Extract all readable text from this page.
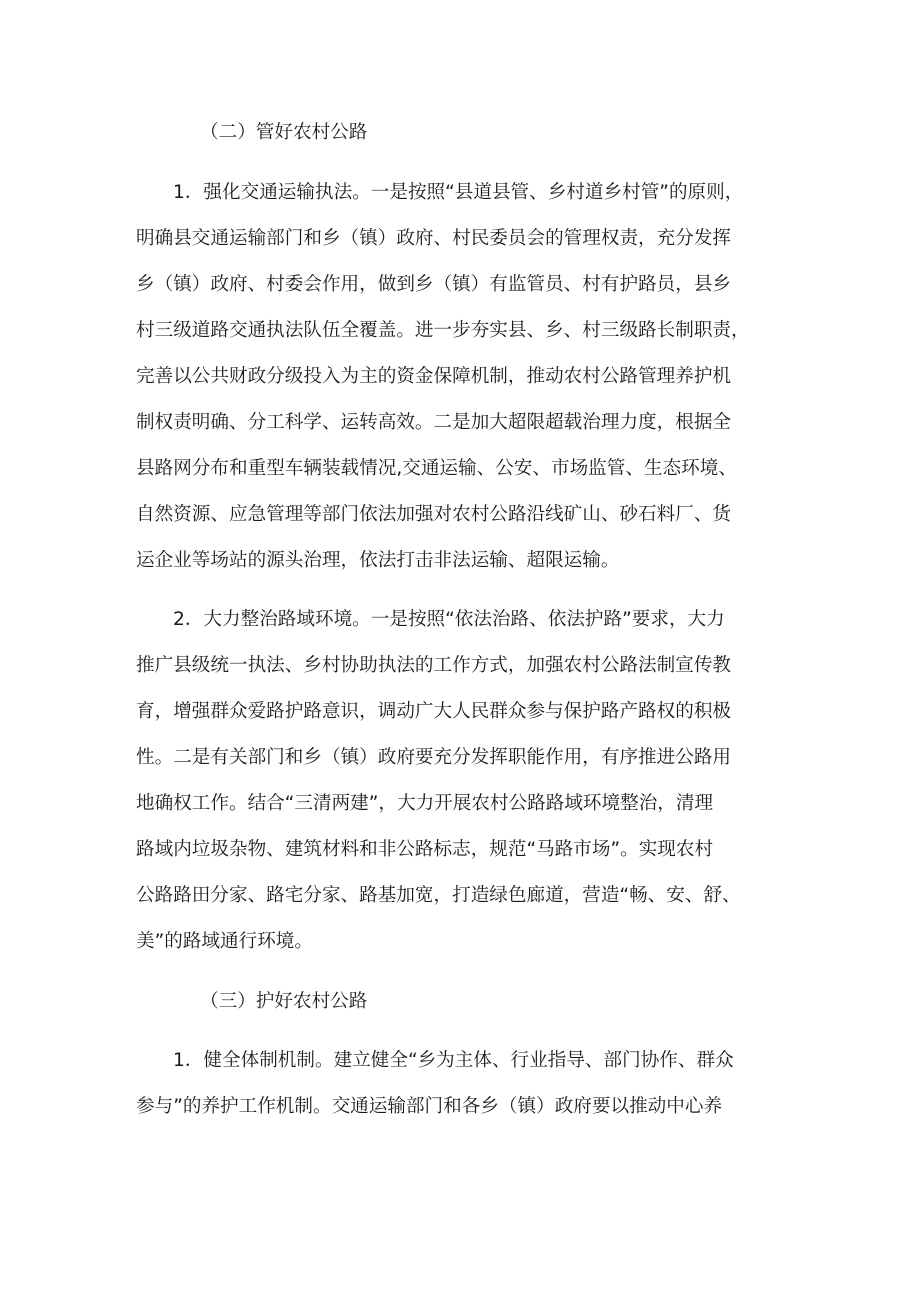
（二）管好农村公路
1．强化交通运输执法。一是按照“县道县管、乡村道乡村管”的原则，
明确县交通运输部门和乡（镇）政府、村民委员会的管理权责，充分发挥
乡（镇）政府、村委会作用，做到乡（镇）有监管员、村有护路员，县乡
村三级道路交通执法队伍全覆盖。进一步夯实县、乡、村三级路长制职责，
完善以公共财政分级投入为主的资金保障机制，推动农村公路管理养护机
制权责明确、分工科学、运转高效。二是加大超限超载治理力度，根据全
县路网分布和重型车辆装载情况,交通运输、公安、市场监管、生态环境、
自然资源、应急管理等部门依法加强对农村公路沿线矿山、砂石料厂、货
运企业等场站的源头治理，依法打击非法运输、超限运输。
2．大力整治路域环境。一是按照“依法治路、依法护路”要求，大力
推广县级统一执法、乡村协助执法的工作方式，加强农村公路法制宣传教
育，增强群众爱路护路意识，调动广大人民群众参与保护路产路权的积极
性。二是有关部门和乡（镇）政府要充分发挥职能作用，有序推进公路用
地确权工作。结合“三清两建”，大力开展农村公路路域环境整治，清理
路域内垃圾杂物、建筑材料和非公路标志，规范“马路市场”。实现农村
公路路田分家、路宅分家、路基加宽，打造绿色廊道，营造“畅、安、舒、
美”的路域通行环境。
（三）护好农村公路
1．健全体制机制。建立健全“乡为主体、行业指导、部门协作、群众
参与”的养护工作机制。交通运输部门和各乡（镇）政府要以推动中心养
